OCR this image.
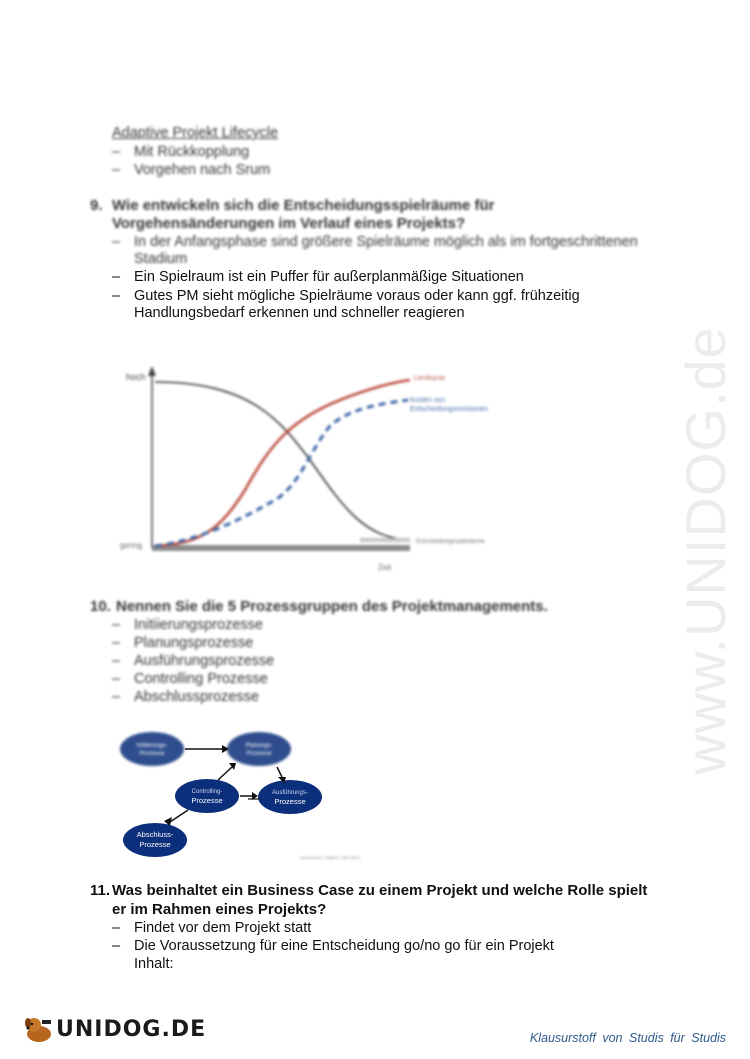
www.UNIDOG.de
Adaptive Projekt Lifecycle
– Mit Rückkopplung
– Vorgehen nach Srum
9. Wie entwickeln sich die Entscheidungsspielräume für
Vorgehensänderungen im Verlauf eines Projekts?
– In der Anfangsphase sind größere Spielräume möglich als im fortgeschrittenen
Stadium
– Ein Spielraum ist ein Puffer für außerplanmäßige Situationen
– Gutes PM sieht mögliche Spielräume voraus oder kann ggf. frühzeitig
Handlungsbedarf erkennen und schneller reagieren
hoch
gering
Zeit
Lernkurve
Kosten von
Entscheidungsrevisionen
Entscheidungsspielräume
10. Nennen Sie die 5 Prozessgruppen des Projektmanagements.
– Initiierungsprozesse
– Planungsprozesse
– Ausführungsprozesse
– Controlling Prozesse
– Abschlussprozesse
Initiierungs-
Prozesse
Planungs-
Prozesse
Controlling-
Prozesse
Ausführungs-
Prozesse
Abschluss-
Prozesse
(entnommen: PMBOK, PMI 2004)
11. Was beinhaltet ein Business Case zu einem Projekt und welche Rolle spielt
er im Rahmen eines Projekts?
– Findet vor dem Projekt statt
– Die Voraussetzung für eine Entscheidung go/no go für ein Projekt
Inhalt:
UNIDOG.DE	Klausurstoff von Studis für Studis
